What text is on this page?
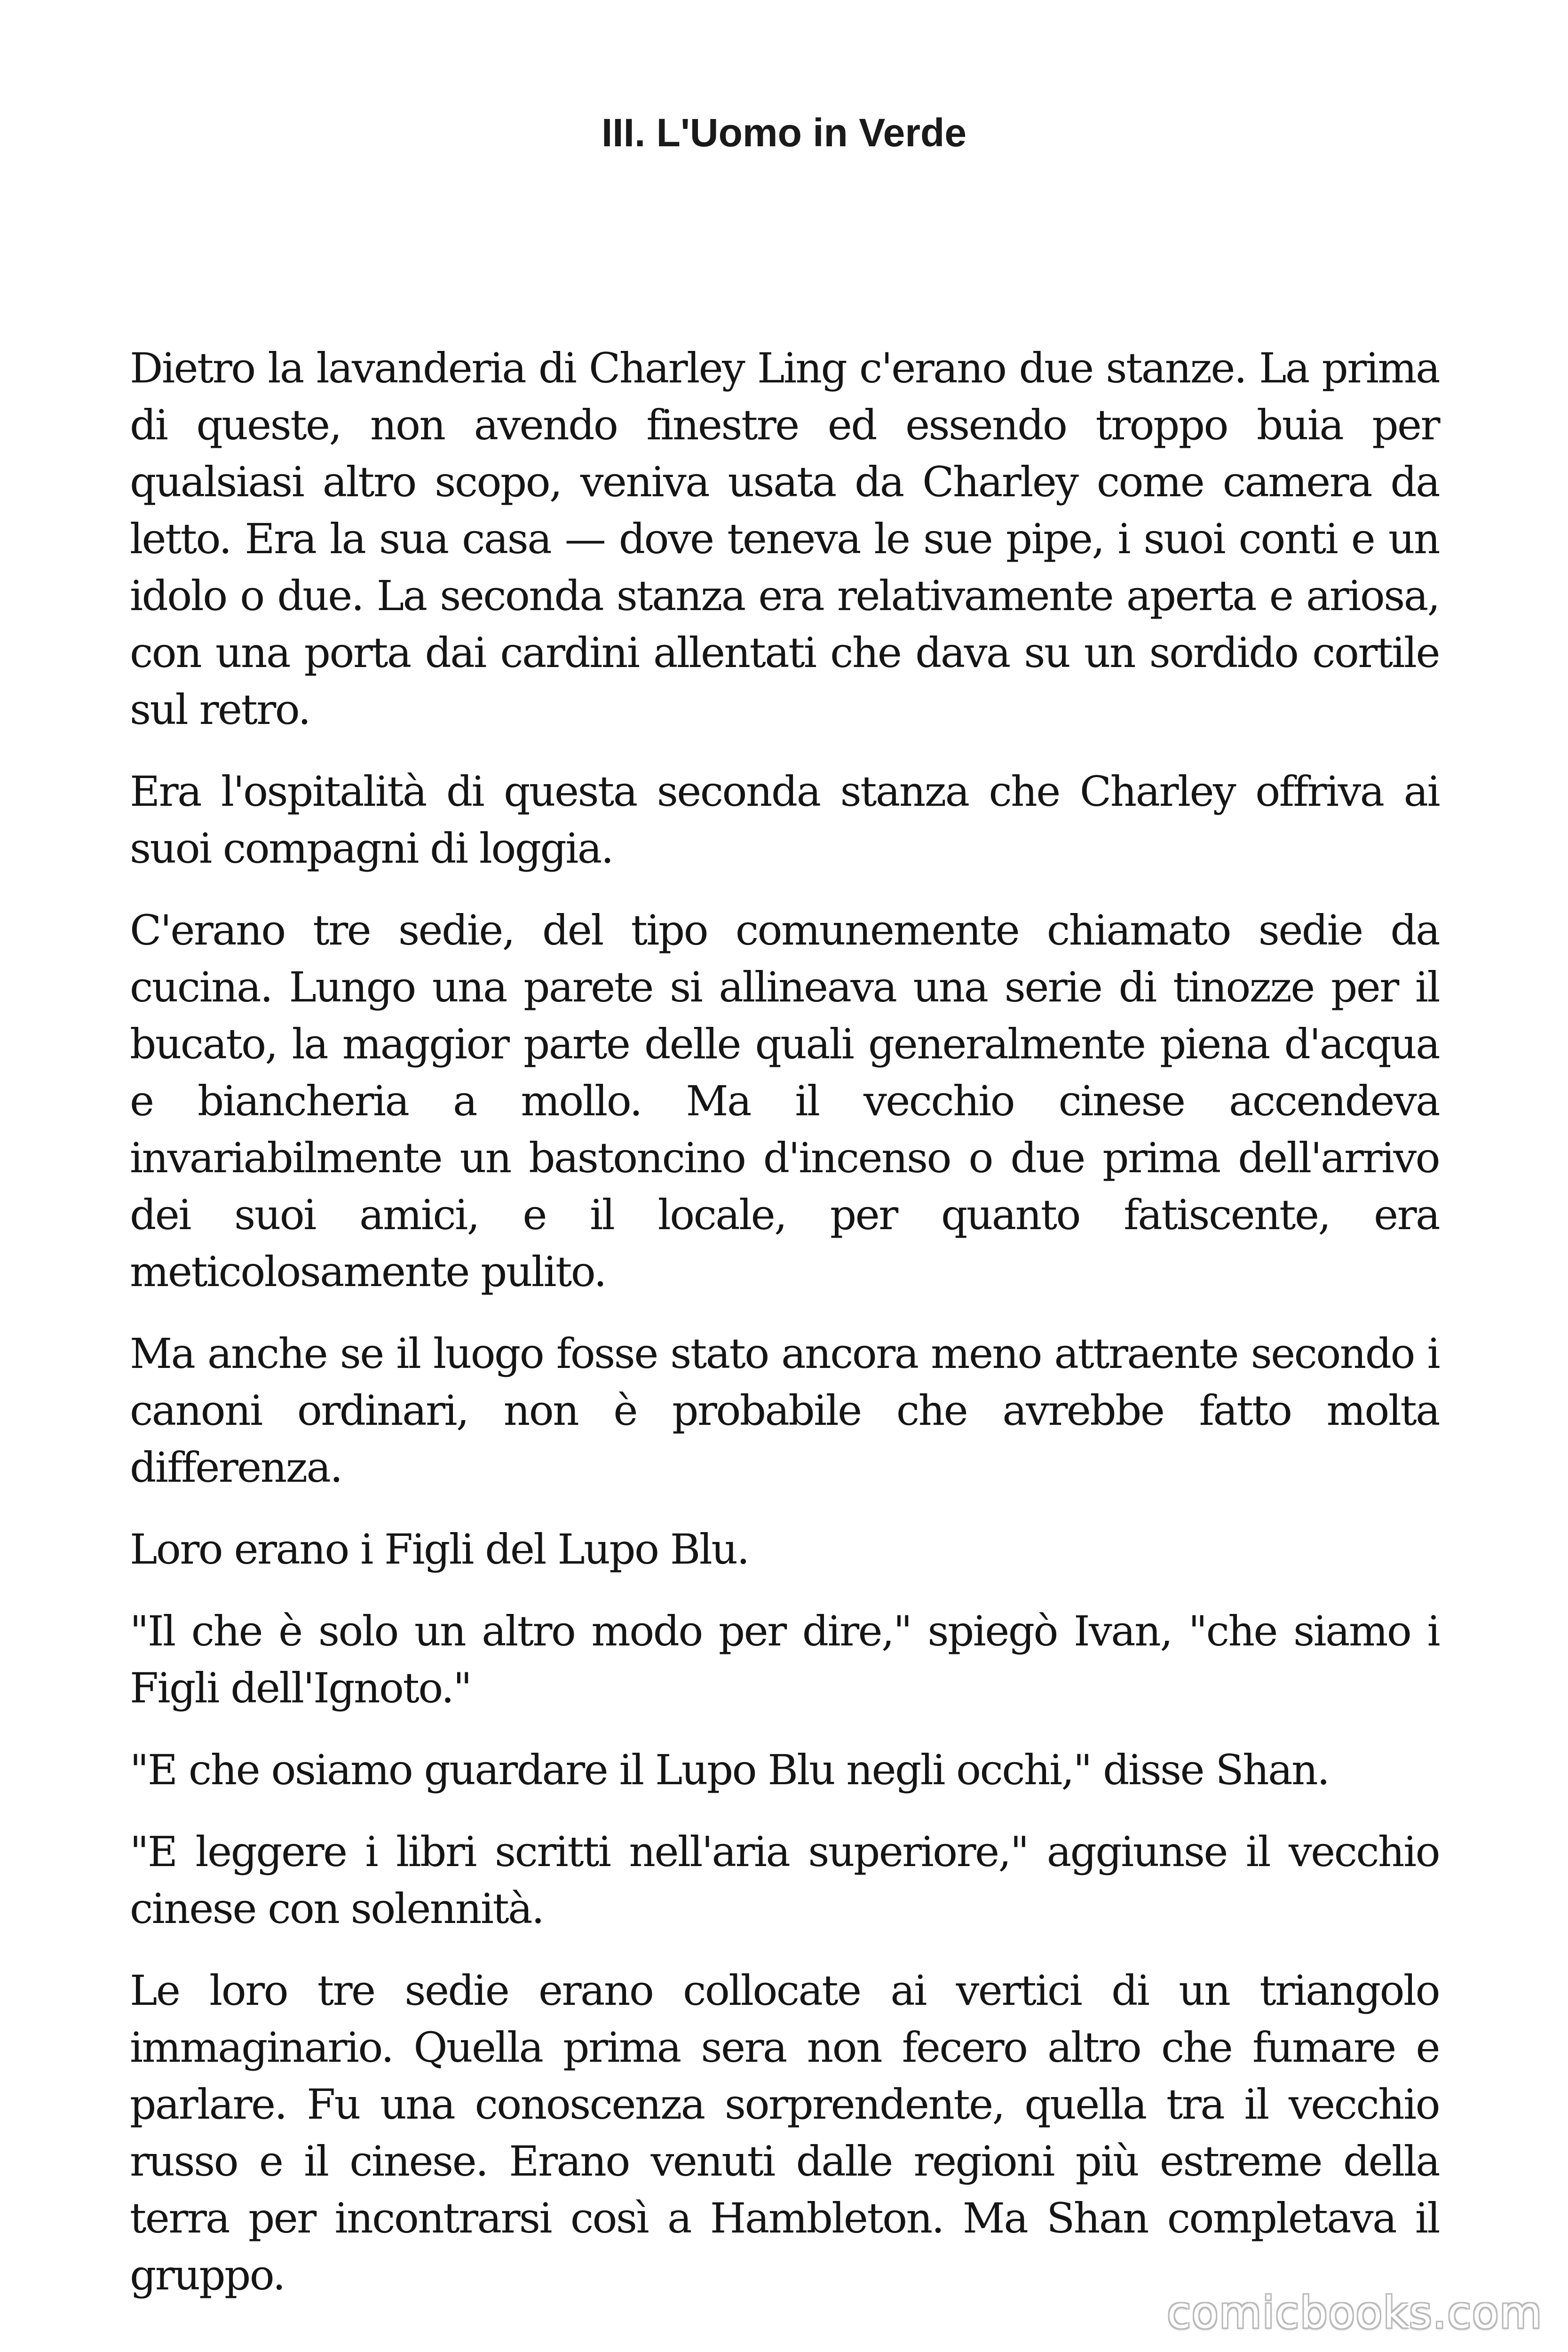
III. L'Uomo in Verde

Dietro la lavanderia di Charley Ling c'erano due stanze. La prima di queste, non avendo finestre ed essendo troppo buia per qualsiasi altro scopo, veniva usata da Charley come camera da letto. Era la sua casa — dove teneva le sue pipe, i suoi conti e un idolo o due. La seconda stanza era relativamente aperta e ariosa, con una porta dai cardini allentati che dava su un sordido cortile sul retro.

Era l'ospitalità di questa seconda stanza che Charley offriva ai suoi compagni di loggia.

C'erano tre sedie, del tipo comunemente chiamato sedie da cucina. Lungo una parete si allineava una serie di tinozze per il bucato, la maggior parte delle quali generalmente piena d'acqua e biancheria a mollo. Ma il vecchio cinese accendeva invariabilmente un bastoncino d'incenso o due prima dell'arrivo dei suoi amici, e il locale, per quanto fatiscente, era meticolosamente pulito.

Ma anche se il luogo fosse stato ancora meno attraente secondo i canoni ordinari, non è probabile che avrebbe fatto molta differenza.

Loro erano i Figli del Lupo Blu.

"Il che è solo un altro modo per dire," spiegò Ivan, "che siamo i Figli dell'Ignoto."

"E che osiamo guardare il Lupo Blu negli occhi," disse Shan.

"E leggere i libri scritti nell'aria superiore," aggiunse il vecchio cinese con solennità.

Le loro tre sedie erano collocate ai vertici di un triangolo immaginario. Quella prima sera non fecero altro che fumare e parlare. Fu una conoscenza sorprendente, quella tra il vecchio russo e il cinese. Erano venuti dalle regioni più estreme della terra per incontrarsi così a Hambleton. Ma Shan completava il gruppo.

comicbooks.com
